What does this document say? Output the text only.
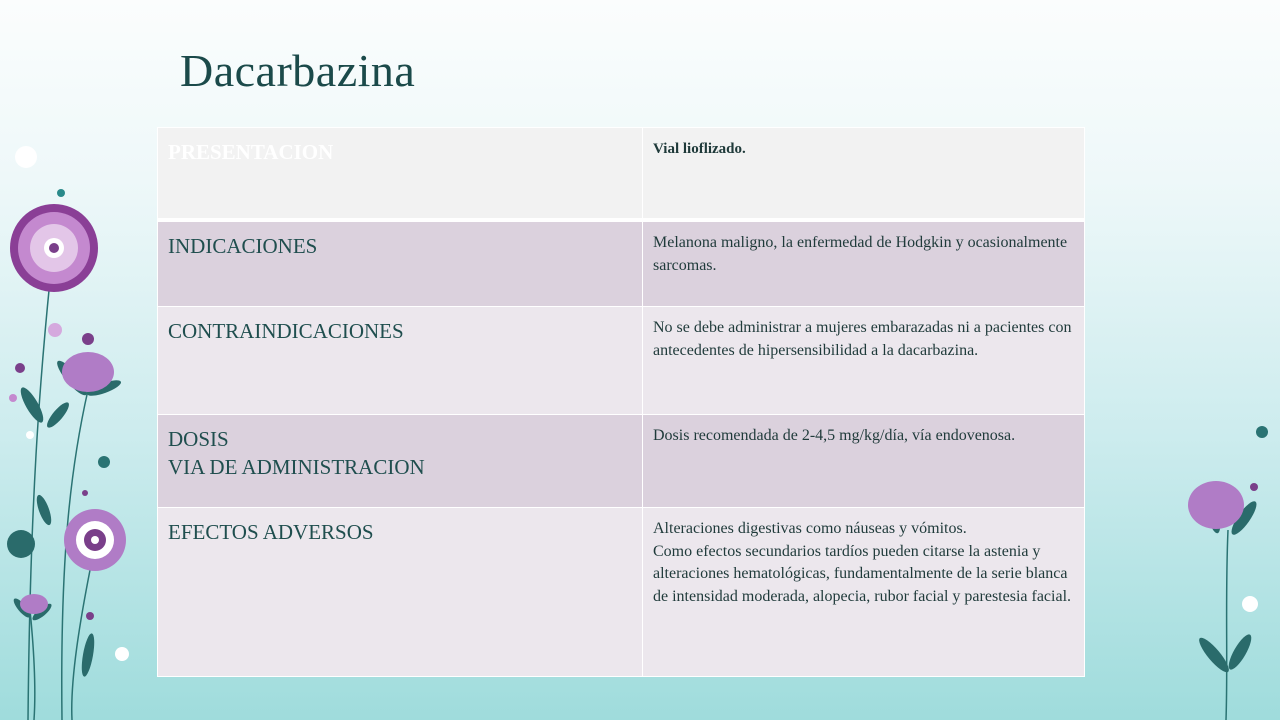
Dacarbazina
PRESENTACION	Vial lioflizado.
INDICACIONES	Melanona maligno, la enfermedad de Hodgkin y ocasionalmente sarcomas.
CONTRAINDICACIONES	No se debe administrar a mujeres embarazadas ni a pacientes con antecedentes de hipersensibilidad a la dacarbazina.

DOSIS
VIA DE ADMINISTRACION	Dosis recomendada de 2-4,5 mg/kg/día, vía endovenosa.
EFECTOS ADVERSOS	Alteraciones digestivas como náuseas y vómitos.
Como efectos secundarios tardíos pueden citarse la astenia y alteraciones hematológicas, fundamentalmente de la serie blanca de intensidad moderada, alopecia, rubor facial y parestesia facial.
